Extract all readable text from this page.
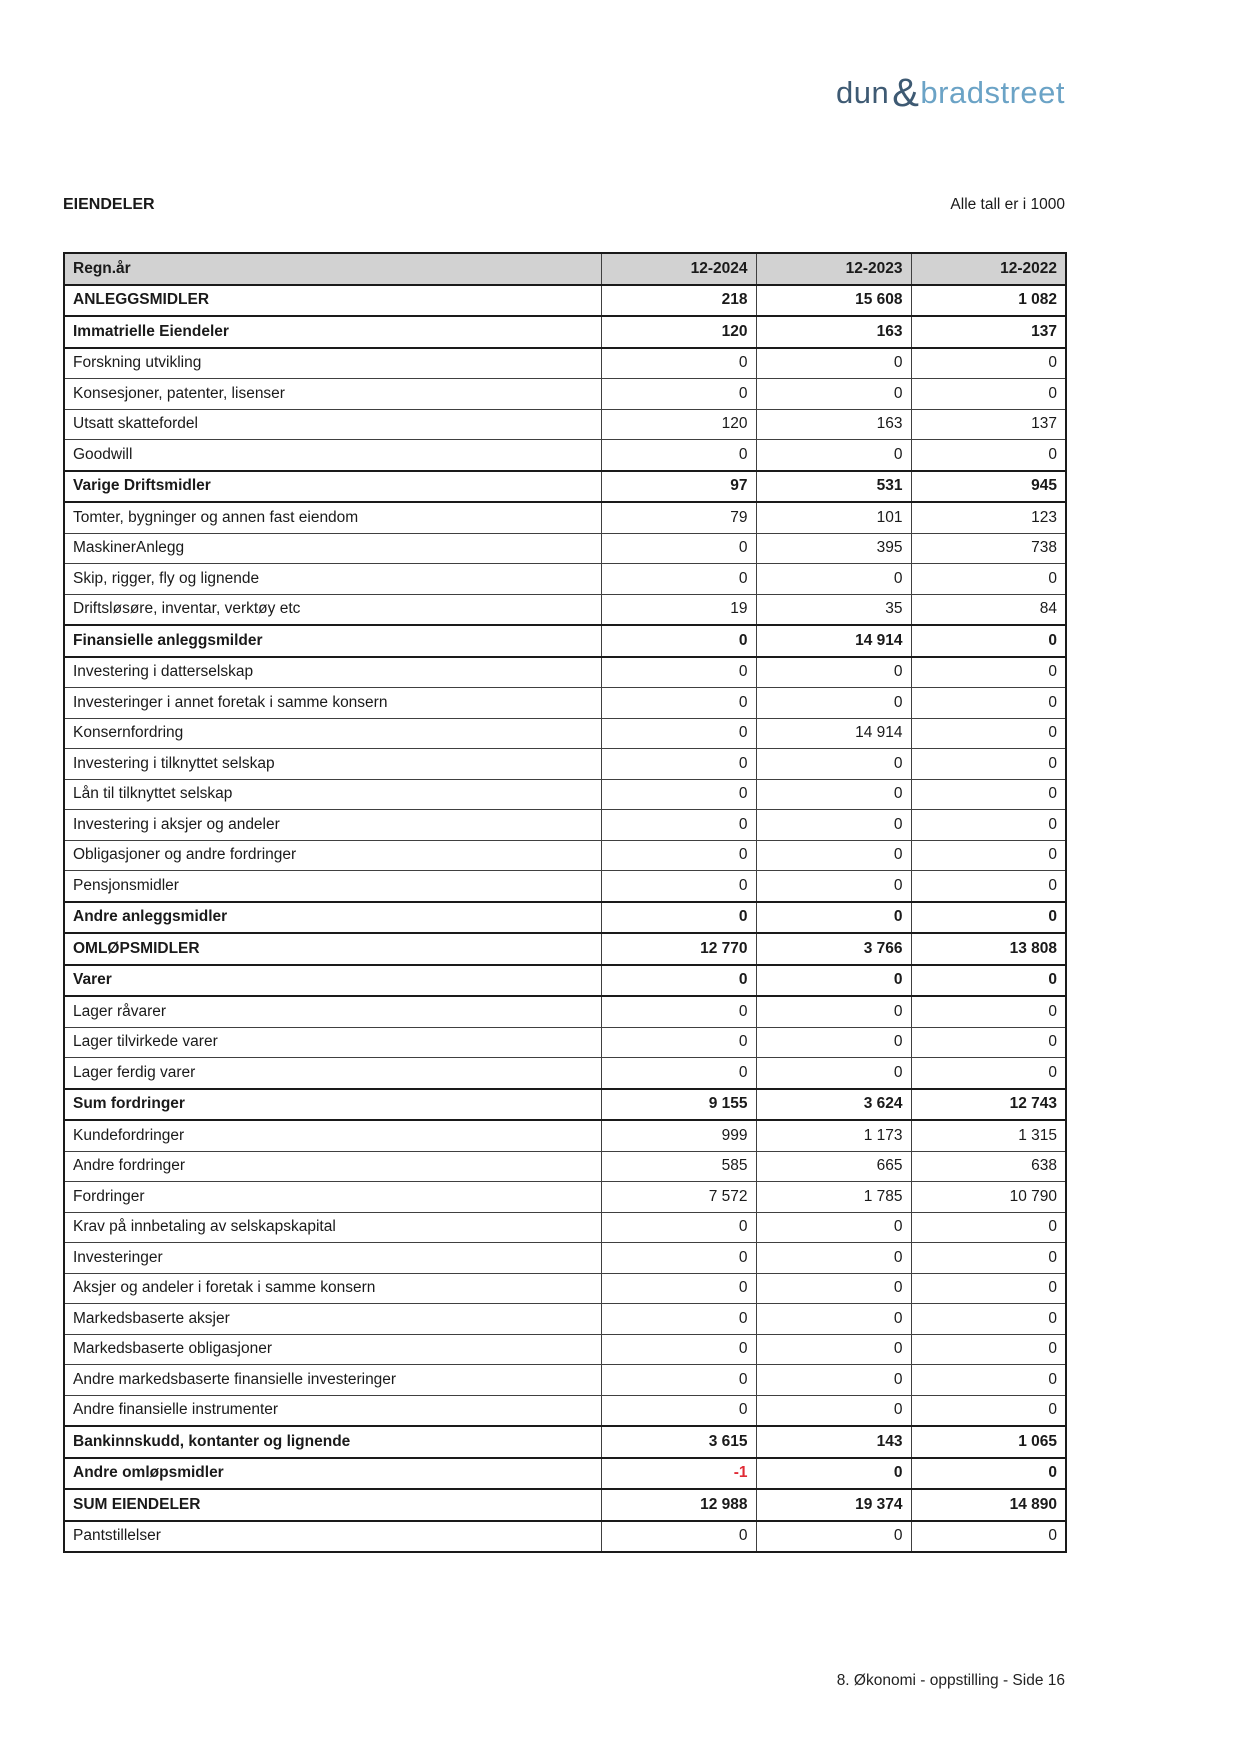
dun&bradstreet
EIENDELER	Alle tall er i 1000
Regn.år	12-2024	12-2023	12-2022
ANLEGGSMIDLER	218	15 608	1 082
Immatrielle Eiendeler	120	163	137
Forskning utvikling	0	0	0
Konsesjoner, patenter, lisenser	0	0	0
Utsatt skattefordel	120	163	137
Goodwill	0	0	0
Varige Driftsmidler	97	531	945
Tomter, bygninger og annen fast eiendom	79	101	123
MaskinerAnlegg	0	395	738
Skip, rigger, fly og lignende	0	0	0
Driftsløsøre, inventar, verktøy etc	19	35	84
Finansielle anleggsmilder	0	14 914	0
Investering i datterselskap	0	0	0
Investeringer i annet foretak i samme konsern	0	0	0
Konsernfordring	0	14 914	0
Investering i tilknyttet selskap	0	0	0
Lån til tilknyttet selskap	0	0	0
Investering i aksjer og andeler	0	0	0
Obligasjoner og andre fordringer	0	0	0
Pensjonsmidler	0	0	0
Andre anleggsmidler	0	0	0
OMLØPSMIDLER	12 770	3 766	13 808
Varer	0	0	0
Lager råvarer	0	0	0
Lager tilvirkede varer	0	0	0
Lager ferdig varer	0	0	0
Sum fordringer	9 155	3 624	12 743
Kundefordringer	999	1 173	1 315
Andre fordringer	585	665	638
Fordringer	7 572	1 785	10 790
Krav på innbetaling av selskapskapital	0	0	0
Investeringer	0	0	0
Aksjer og andeler i foretak i samme konsern	0	0	0
Markedsbaserte aksjer	0	0	0
Markedsbaserte obligasjoner	0	0	0
Andre markedsbaserte finansielle investeringer	0	0	0
Andre finansielle instrumenter	0	0	0
Bankinnskudd, kontanter og lignende	3 615	143	1 065
Andre omløpsmidler	-1	0	0
SUM EIENDELER	12 988	19 374	14 890
Pantstillelser	0	0	0
8. Økonomi - oppstilling - Side 16
